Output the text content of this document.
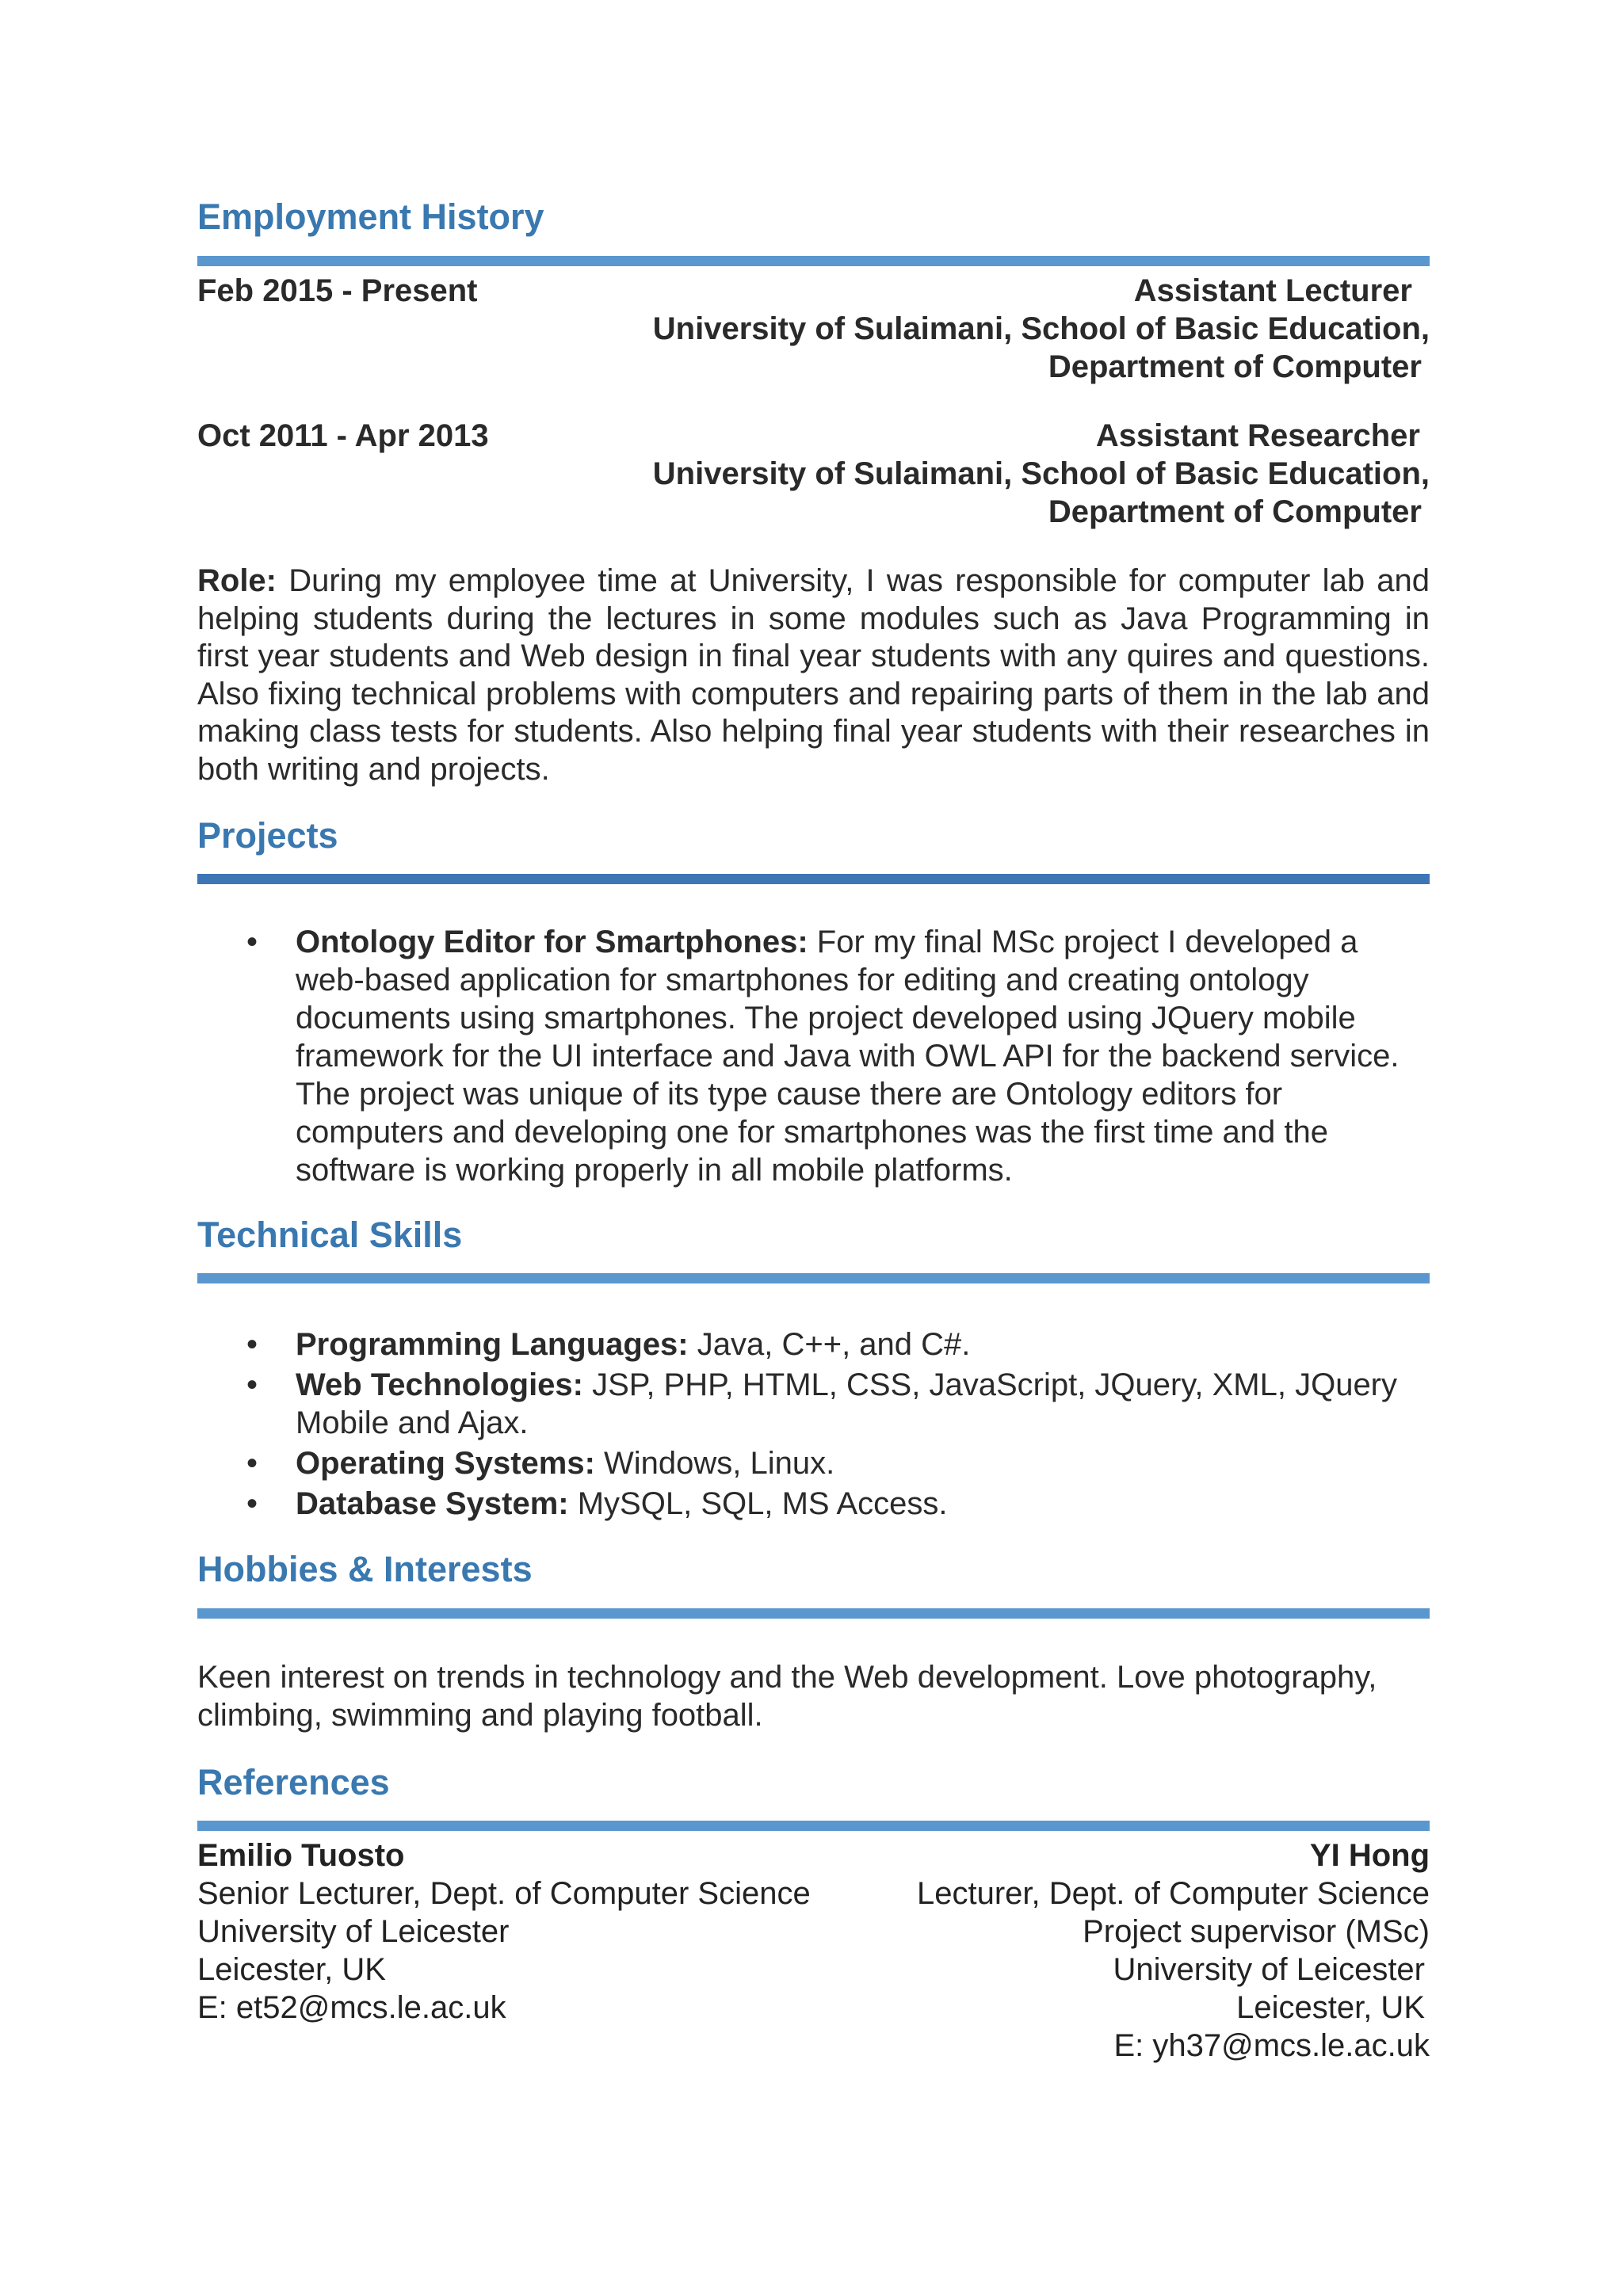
Employment History
Feb 2015 - Present	Assistant Lecturer
University of Sulaimani, School of Basic Education,
Department of Computer
Oct 2011 - Apr 2013	Assistant Researcher
University of Sulaimani, School of Basic Education,
Department of Computer
Role: During my employee time at University, I was responsible for computer lab and helping students during the lectures in some modules such as Java Programming in first year students and Web design in final year students with any quires and questions. Also fixing technical problems with computers and repairing parts of them in the lab and making class tests for students. Also helping final year students with their researches in both writing and projects.
Projects
• Ontology Editor for Smartphones: For my final MSc project I developed a web-based application for smartphones for editing and creating ontology documents using smartphones. The project developed using JQuery mobile framework for the UI interface and Java with OWL API for the backend service. The project was unique of its type cause there are Ontology editors for computers and developing one for smartphones was the first time and the software is working properly in all mobile platforms.
Technical Skills
• Programming Languages: Java, C++, and C#.
• Web Technologies: JSP, PHP, HTML, CSS, JavaScript, JQuery, XML, JQuery Mobile and Ajax.
• Operating Systems: Windows, Linux.
• Database System: MySQL, SQL, MS Access.
Hobbies & Interests
Keen interest on trends in technology and the Web development. Love photography, climbing, swimming and playing football.
References
Emilio Tuosto
Senior Lecturer, Dept. of Computer Science
University of Leicester
Leicester, UK
E: et52@mcs.le.ac.uk
YI Hong
Lecturer, Dept. of Computer Science
Project supervisor (MSc)
University of Leicester
Leicester, UK
E: yh37@mcs.le.ac.uk
